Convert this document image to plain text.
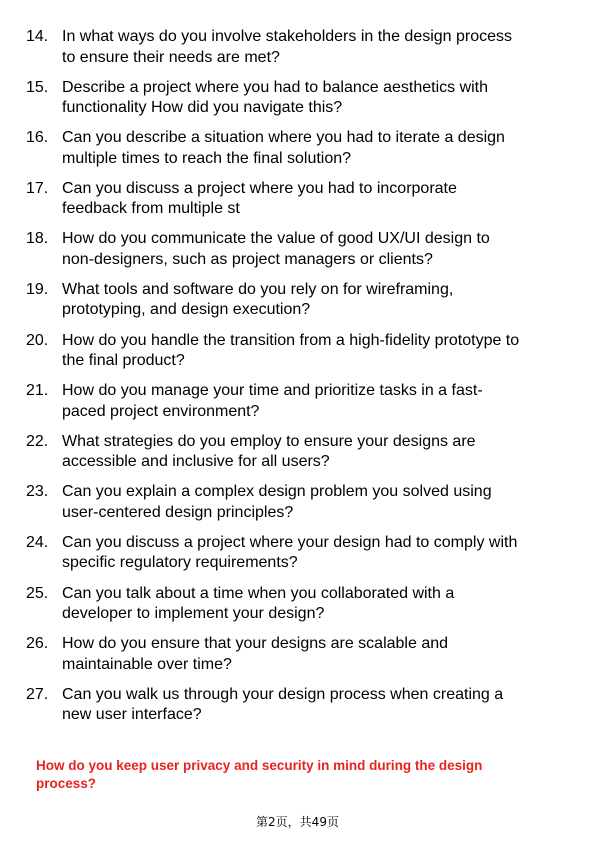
14. In what ways do you involve stakeholders in the design process
to ensure their needs are met?
15. Describe a project where you had to balance aesthetics with
functionality How did you navigate this?
16. Can you describe a situation where you had to iterate a design
multiple times to reach the final solution?
17. Can you discuss a project where you had to incorporate
feedback from multiple st
18. How do you communicate the value of good UX/UI design to
non-designers, such as project managers or clients?
19. What tools and software do you rely on for wireframing,
prototyping, and design execution?
20. How do you handle the transition from a high-fidelity prototype to
the final product?
21. How do you manage your time and prioritize tasks in a fast-
paced project environment?
22. What strategies do you employ to ensure your designs are
accessible and inclusive for all users?
23. Can you explain a complex design problem you solved using
user-centered design principles?
24. Can you discuss a project where your design had to comply with
specific regulatory requirements?
25. Can you talk about a time when you collaborated with a
developer to implement your design?
26. How do you ensure that your designs are scalable and
maintainable over time?
27. Can you walk us through your design process when creating a
new user interface?

How do you keep user privacy and security in mind during the design
process?

第2页，共49页
